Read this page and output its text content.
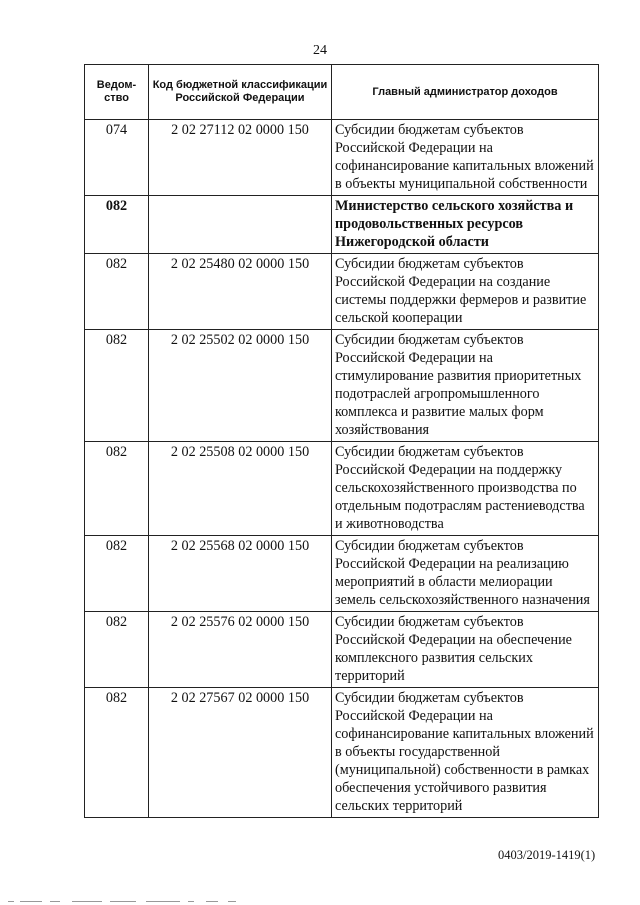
24
Ведом-ство	Код бюджетной классификации Российской Федерации	Главный администратор доходов
074	2 02 27112 02 0000 150	Субсидии бюджетам субъектов Российской Федерации на софинансирование капитальных вложений в объекты муниципальной собственности
082		Министерство сельского хозяйства и продовольственных ресурсов Нижегородской области
082	2 02 25480 02 0000 150	Субсидии бюджетам субъектов Российской Федерации на создание системы поддержки фермеров и развитие сельской кооперации
082	2 02 25502 02 0000 150	Субсидии бюджетам субъектов Российской Федерации на стимулирование развития приоритетных подотраслей агропромышленного комплекса и развитие малых форм хозяйствования
082	2 02 25508 02 0000 150	Субсидии бюджетам субъектов Российской Федерации на поддержку сельскохозяйственного производства по отдельным подотраслям растениеводства и животноводства
082	2 02 25568 02 0000 150	Субсидии бюджетам субъектов Российской Федерации на реализацию мероприятий в области мелиорации земель сельскохозяйственного назначения
082	2 02 25576 02 0000 150	Субсидии бюджетам субъектов Российской Федерации на обеспечение комплексного развития сельских территорий
082	2 02 27567 02 0000 150	Субсидии бюджетам субъектов Российской Федерации на софинансирование капитальных вложений в объекты государственной (муниципальной) собственности в рамках обеспечения устойчивого развития сельских территорий
0403/2019-1419(1)
